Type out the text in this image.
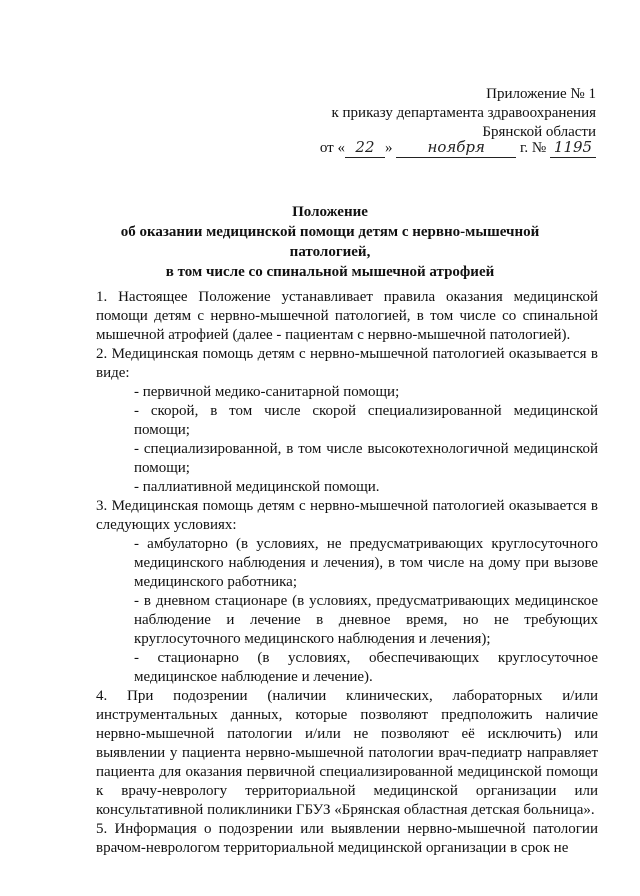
Приложение № 1
к приказу департамента здравоохранения
Брянской области
от « 22 » ноября г. № 1195
Положение
об оказании медицинской помощи детям с нервно-мышечной
патологией,
в том числе со спинальной мышечной атрофией

1. Настоящее Положение устанавливает правила оказания медицинской помощи детям с нервно-мышечной патологией, в том числе со спинальной мышечной атрофией (далее - пациентам с нервно-мышечной патологией).

2. Медицинская помощь детям с нервно-мышечной патологией оказывается в виде:

- первичной медико-санитарной помощи;

- скорой, в том числе скорой специализированной медицинской помощи;

- специализированной, в том числе высокотехнологичной медицинской помощи;

- паллиативной медицинской помощи.

3. Медицинская помощь детям с нервно-мышечной патологией оказывается в следующих условиях:

- амбулаторно (в условиях, не предусматривающих круглосуточного медицинского наблюдения и лечения), в том числе на дому при вызове медицинского работника;

- в дневном стационаре (в условиях, предусматривающих медицинское наблюдение и лечение в дневное время, но не требующих круглосуточного медицинского наблюдения и лечения);

- стационарно (в условиях, обеспечивающих круглосуточное медицинское наблюдение и лечение).

4. При подозрении (наличии клинических, лабораторных и/или инструментальных данных, которые позволяют предположить наличие нервно-мышечной патологии и/или не позволяют её исключить) или выявлении у пациента нервно-мышечной патологии врач-педиатр направляет пациента для оказания первичной специализированной медицинской помощи к врачу-неврологу территориальной медицинской организации или консультативной поликлиники ГБУЗ «Брянская областная детская больница».

5. Информация о подозрении или выявлении нервно-мышечной патологии врачом-неврологом территориальной медицинской организации в срок не
